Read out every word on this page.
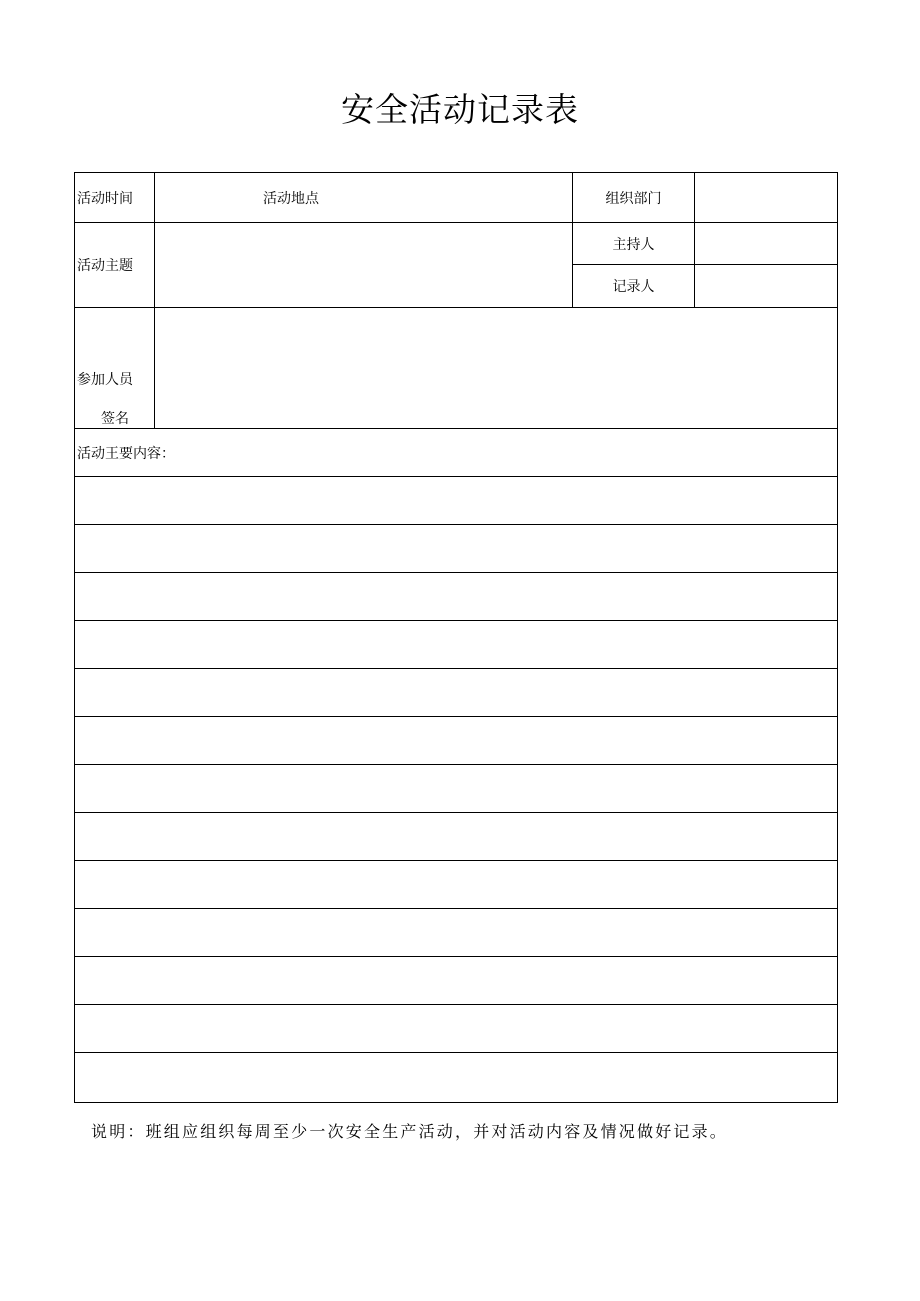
安全活动记录表
活动时间	活动地点	组织部门	
活动主题		主持人	
		记录人	

参加人员
签名			

活动王要内容：			

说明：班组应组织每周至少一次安全生产活动，并对活动内容及情况做好记录。
